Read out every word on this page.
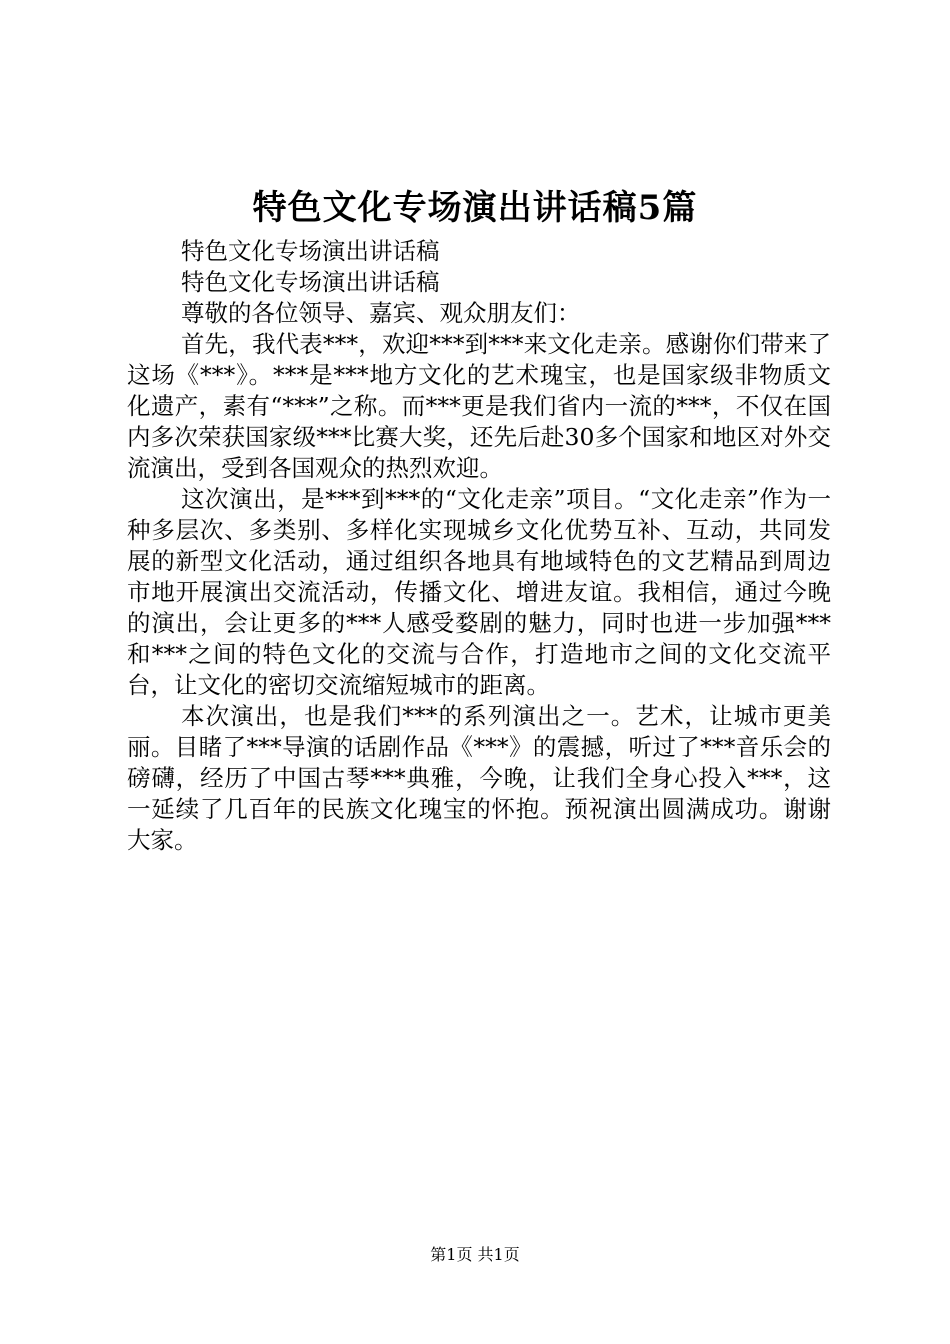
特色文化专场演出讲话稿5篇

特色文化专场演出讲话稿

特色文化专场演出讲话稿

尊敬的各位领导、嘉宾、观众朋友们：

首先，我代表***，欢迎***到***来文化走亲。感谢你们带来了这场《***》。***是***地方文化的艺术瑰宝，也是国家级非物质文化遗产，素有“***”之称。而***更是我们省内一流的***，不仅在国内多次荣获国家级***比赛大奖，还先后赴30多个国家和地区对外交流演出，受到各国观众的热烈欢迎。

这次演出，是***到***的“文化走亲”项目。“文化走亲”作为一种多层次、多类别、多样化实现城乡文化优势互补、互动，共同发展的新型文化活动，通过组织各地具有地域特色的文艺精品到周边市地开展演出交流活动，传播文化、增进友谊。我相信，通过今晚的演出，会让更多的***人感受婺剧的魅力，同时也进一步加强***和***之间的特色文化的交流与合作，打造地市之间的文化交流平台，让文化的密切交流缩短城市的距离。

本次演出，也是我们***的系列演出之一。艺术，让城市更美丽。目睹了***导演的话剧作品《***》的震撼，听过了***音乐会的磅礴，经历了中国古琴***典雅，今晚，让我们全身心投入***，这一延续了几百年的民族文化瑰宝的怀抱。预祝演出圆满成功。谢谢大家。

第1页 共1页
